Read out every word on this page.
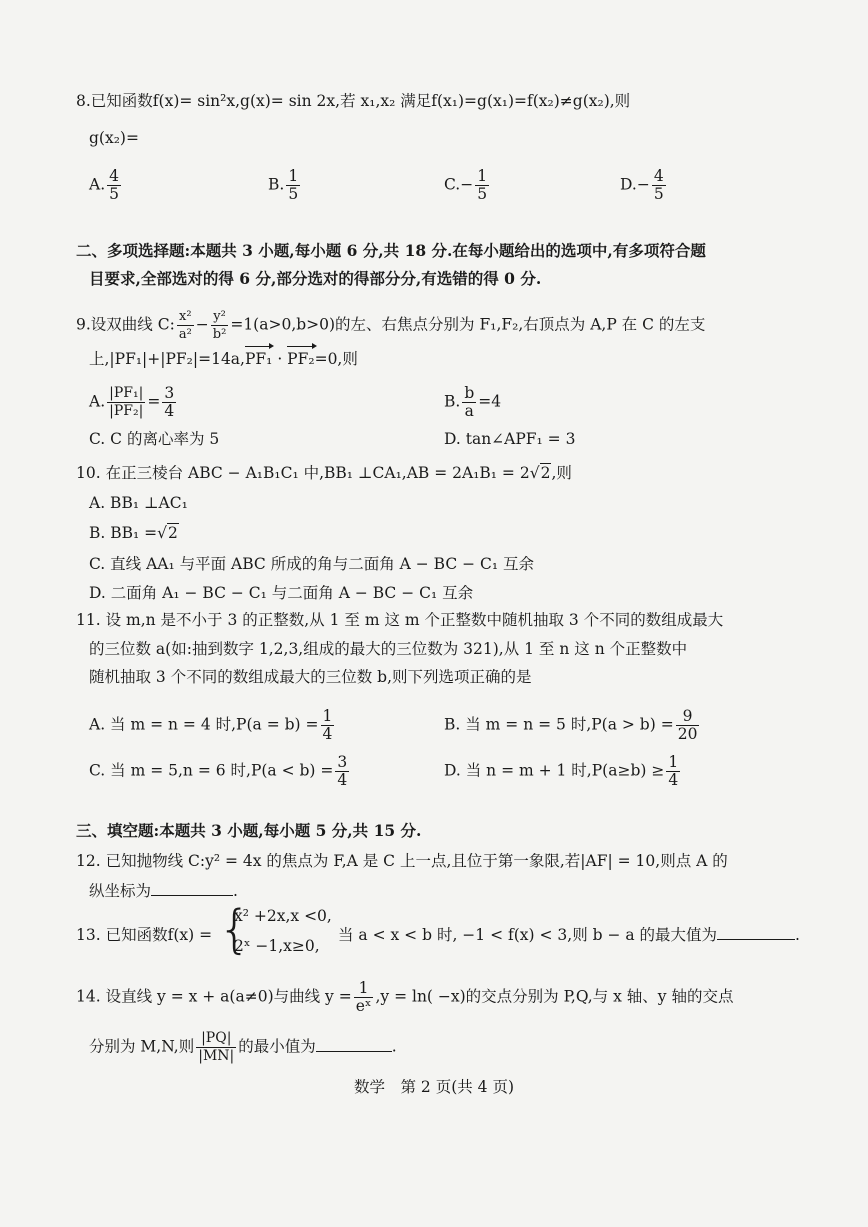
8.已知函数f(x)= sin²x,g(x)= sin 2x,若 x₁,x₂ 满足f(x₁)=g(x₁)=f(x₂)≠g(x₂),则
g(x₂)=
A. $\frac{4}{5}$	B. $\frac{1}{5}$	$C.- \frac{1}{5}$	$D.- \frac{4}{5}$
二、多项选择题:本题共 3 小题,每小题 6 分,共 18 分.在每小题给出的选项中,有多项符合题
目要求,全部选对的得 6 分,部分选对的得部分分,有选错的得 0 分.
9.设双曲线 C: $\frac{\text{x²}}{\text{a²}} - \frac{\text{y²}}{\text{b²}} =1(a>0,b>0)$的左、右焦点分别为 F₁,F₂,右顶点为 A,P 在 C 的左支
上,|PF₁|+|PF₂|=14a,PF₁ · PF₂=0,则
A. $\frac{\text{|PF₁|}}{\text{|PF₂|}} = \frac{3}{4}$	B. $\frac{b}{a} =4$
C. C 的离心率为 5	D. tan∠APF₁ = 3
10. 在正三棱台 ABC − A₁B₁C₁ 中,BB₁ ⊥CA₁,AB = 2A₁B₁ = 2√2,则
A. BB₁ ⊥AC₁
B. BB₁ =√2
C. 直线 AA₁ 与平面 ABC 所成的角与二面角 A − BC − C₁ 互余
D. 二面角 A₁ − BC − C₁ 与二面角 A − BC − C₁ 互余
11. 设 m,n 是不小于 3 的正整数,从 1 至 m 这 m 个正整数中随机抽取 3 个不同的数组成最大
的三位数 a(如:抽到数字 1,2,3,组成的最大的三位数为 321),从 1 至 n 这 n 个正整数中
随机抽取 3 个不同的数组成最大的三位数 b,则下列选项正确的是
A. 当 m = n = 4 时$,P(a = b) = \frac{1}{4}$	B. 当 m = n = 5 时$,P(a > b) = \frac{9}{20}$
C. 当 m = 5,n = 6 时$,P(a < b) = \frac{3}{4}$	D. 当 n = m + 1 时$,P(a\ge b) \ge \frac{1}{4}$
三、填空题:本题共 3 小题,每小题 5 分,共 15 分.
12. 已知抛物线 C:y² = 4x 的焦点为 F,A 是 C 上一点,且位于第一象限,若|AF| = 10,则点 A 的
纵坐标为	.
13. 已知函数f(x) = {
x² +2x,x <0,
2ˣ −1,x≥0,
当 a < x < b 时, −1 < f(x) < 3,则 b − a 的最大值为	.
14. 设直线 y = x + a(a≠0)与曲线 $y = \frac{1}{\text{eˣ}} ,y = \ln( -x)$的交点分别为 P,Q,与 x 轴、y 轴的交点
分别为 M,N,则 $\frac{|PQ|}{|MN|}$ 的最小值为	.
数学　第 2 页(共 4 页)
